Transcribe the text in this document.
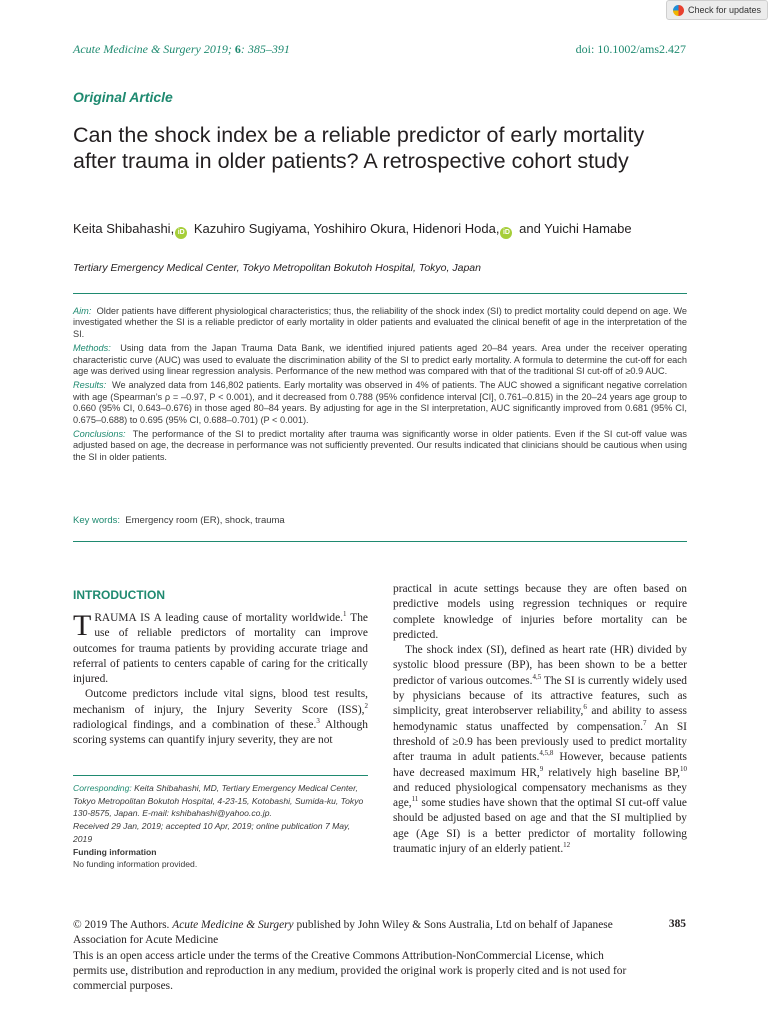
Check for updates
Acute Medicine & Surgery 2019; 6: 385–391	doi: 10.1002/ams2.427
Original Article
Can the shock index be a reliable predictor of early mortality after trauma in older patients? A retrospective cohort study
Keita Shibahashi, iD Kazuhiro Sugiyama, Yoshihiro Okura, Hidenori Hoda, iD and Yuichi Hamabe
Tertiary Emergency Medical Center, Tokyo Metropolitan Bokutoh Hospital, Tokyo, Japan

Aim: Older patients have different physiological characteristics; thus, the reliability of the shock index (SI) to predict mortality could depend on age. We investigated whether the SI is a reliable predictor of early mortality in older patients and evaluated the clinical benefit of age in the interpretation of the SI.

Methods: Using data from the Japan Trauma Data Bank, we identified injured patients aged 20–84 years. Area under the receiver operating characteristic curve (AUC) was used to evaluate the discrimination ability of the SI to predict early mortality. A formula to determine the cut-off for each age was derived using linear regression analysis. Performance of the new method was compared with that of the traditional SI cut-off of ≥0.9 AUC.

Results: We analyzed data from 146,802 patients. Early mortality was observed in 4% of patients. The AUC showed a significant negative correlation with age (Spearman’s ρ = –0.97, P < 0.001), and it decreased from 0.788 (95% confidence interval [CI], 0.761–0.815) in the 20–24 years age group to 0.660 (95% CI, 0.643–0.676) in those aged 80–84 years. By adjusting for age in the SI interpretation, AUC significantly improved from 0.681 (95% CI, 0.675–0.688) to 0.695 (95% CI, 0.688–0.701) (P < 0.001).

Conclusions: The performance of the SI to predict mortality after trauma was significantly worse in older patients. Even if the SI cut-off value was adjusted based on age, the decrease in performance was not sufficiently prevented. Our results indicated that clinicians should be cautious when using the SI in older patients.

Key words: Emergency room (ER), shock, trauma
INTRODUCTION

TRAUMA IS A leading cause of mortality worldwide.$^1$ The use of reliable predictors of mortality can improve outcomes for trauma patients by providing accurate triage and referral of patients to centers capable of caring for the critically injured.

Outcome predictors include vital signs, blood test results, mechanism of injury, the Injury Severity Score (ISS),$^2$ radiological findings, and a combination of these.$^3$ Although scoring systems can quantify injury severity, they are not

Corresponding: Keita Shibahashi, MD, Tertiary Emergency Medical Center, Tokyo Metropolitan Bokutoh Hospital, 4-23-15, Kotobashi, Sumida-ku, Tokyo 130-8575, Japan. E-mail: kshibahashi@yahoo.co.jp.
Received 29 Jan, 2019; accepted 10 Apr, 2019; online publication 7 May, 2019
Funding information
No funding information provided.

practical in acute settings because they are often based on predictive models using regression techniques or require complete knowledge of injuries before mortality can be predicted.

The shock index (SI), defined as heart rate (HR) divided by systolic blood pressure (BP), has been shown to be a better predictor of various outcomes.$^{4,5}$ The SI is currently widely used by physicians because of its attractive features, such as simplicity, great interobserver reliability,$^6$ and ability to assess hemodynamic status unaffected by compensation.$^7$ An SI threshold of ≥0.9 has been previously used to predict mortality after trauma in adult patients.$^{4,5,8}$ However, because patients have decreased maximum HR,$^9$ relatively high baseline BP,$^{10}$ and reduced physiological compensatory mechanisms as they age,$^{11}$ some studies have shown that the optimal SI cut-off value should be adjusted based on age and that the SI multiplied by age (Age SI) is a better predictor of mortality following traumatic injury of an elderly patient.$^{12}$

© 2019 The Authors. Acute Medicine & Surgery published by John Wiley & Sons Australia, Ltd on behalf of Japanese Association for Acute Medicine
This is an open access article under the terms of the Creative Commons Attribution-NonCommercial License, which permits use, distribution and reproduction in any medium, provided the original work is properly cited and is not used for commercial purposes.
385
